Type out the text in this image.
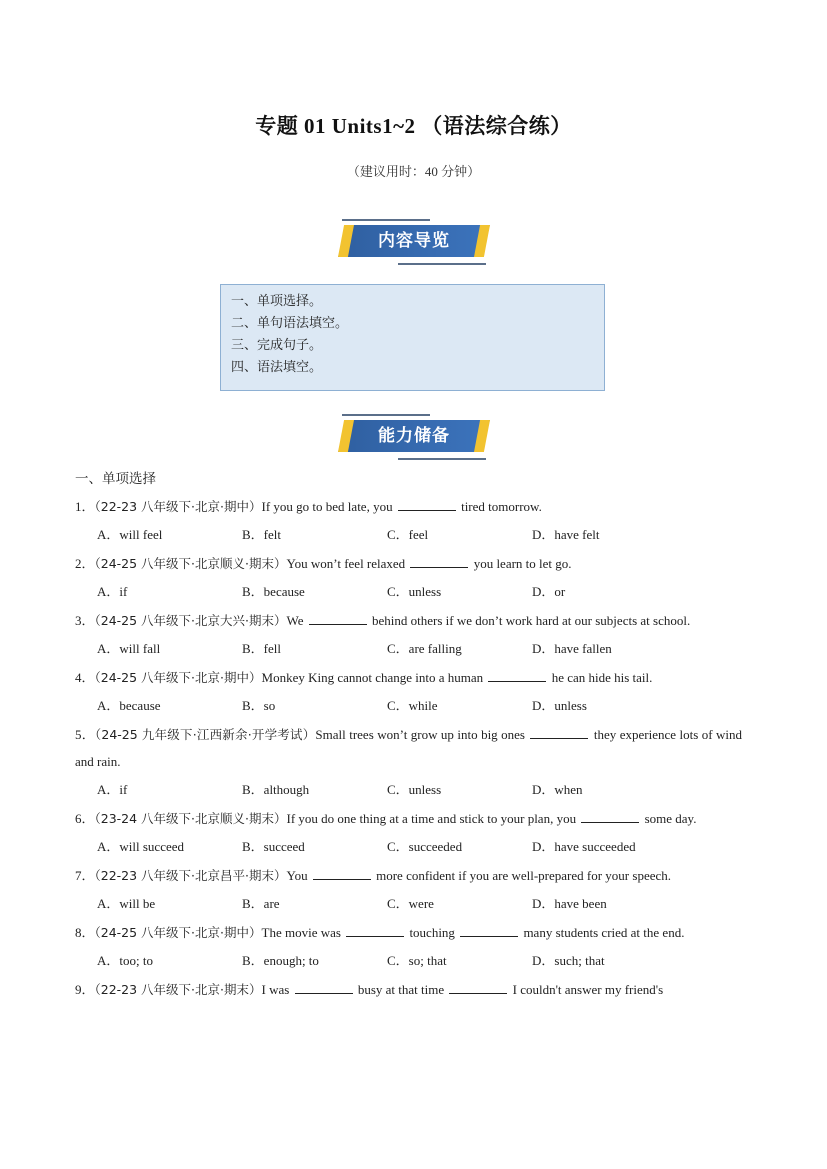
专题 01 Units1~2 （语法综合练）
（建议用时：40 分钟）
内容导览
一、单项选择。
二、单句语法填空。
三、完成句子。
四、语法填空。
能力储备
一、单项选择
1．（22-23 八年级下·北京·期中）If you go to bed late, you	tired tomorrow.
A．will feel	B．felt	C．feel	D．have felt
2．（24-25 八年级下·北京顺义·期末）You won’t feel relaxed	you learn to let go.
A．if	B．because	C．unless	D．or
3．（24-25 八年级下·北京大兴·期末）We	behind others if we don’t work hard at our subjects at school.
A．will fall	B．fell	C．are falling	D．have fallen
4．（24-25 八年级下·北京·期中）Monkey King cannot change into a human	he can hide his tail.
A．because	B．so	C．while	D．unless
5．（24-25 九年级下·江西新余·开学考试）Small trees won’t grow up into big ones	they experience lots of wind and rain.
A．if	B．although	C．unless	D．when
6．（23-24 八年级下·北京顺义·期末）If you do one thing at a time and stick to your plan, you	some day.
A．will succeed	B．succeed	C．succeeded	D．have succeeded
7．（22-23 八年级下·北京昌平·期末）You	more confident if you are well-prepared for your speech.
A．will be	B．are	C．were	D．have been
8．（24-25 八年级下·北京·期中）The movie was	touching	many students cried at the end.
A．too; to	B．enough; to	C．so; that	D．such; that
9．（22-23 八年级下·北京·期末）I was	busy at that time	I couldn't answer my friend's
